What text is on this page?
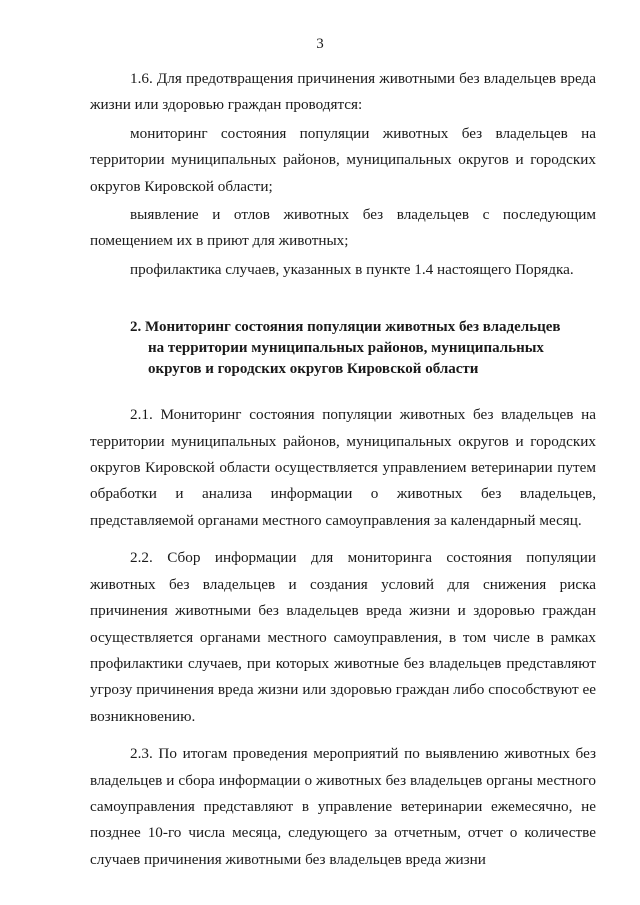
3

1.6. Для предотвращения причинения животными без владельцев вреда жизни или здоровью граждан проводятся:

мониторинг состояния популяции животных без владельцев на территории муниципальных районов, муниципальных округов и городских округов Кировской области;

выявление и отлов животных без владельцев с последующим помещением их в приют для животных;

профилактика случаев, указанных в пункте 1.4 настоящего Порядка.

2. Мониторинг состояния популяции животных без владельцев
на территории муниципальных районов, муниципальных
округов и городских округов Кировской области

2.1. Мониторинг состояния популяции животных без владельцев на территории муниципальных районов, муниципальных округов и городских округов Кировской области осуществляется управлением ветеринарии путем обработки и анализа информации о животных без владельцев, представляемой органами местного самоуправления за календарный месяц.

2.2. Сбор информации для мониторинга состояния популяции животных без владельцев и создания условий для снижения риска причинения животными без владельцев вреда жизни и здоровью граждан осуществляется органами местного самоуправления, в том числе в рамках профилактики случаев, при которых животные без владельцев представляют угрозу причинения вреда жизни или здоровью граждан либо способствуют ее возникновению.

2.3. По итогам проведения мероприятий по выявлению животных без владельцев и сбора информации о животных без владельцев органы местного самоуправления представляют в управление ветеринарии ежемесячно, не позднее 10-го числа месяца, следующего за отчетным, отчет о количестве случаев причинения животными без владельцев вреда жизни
